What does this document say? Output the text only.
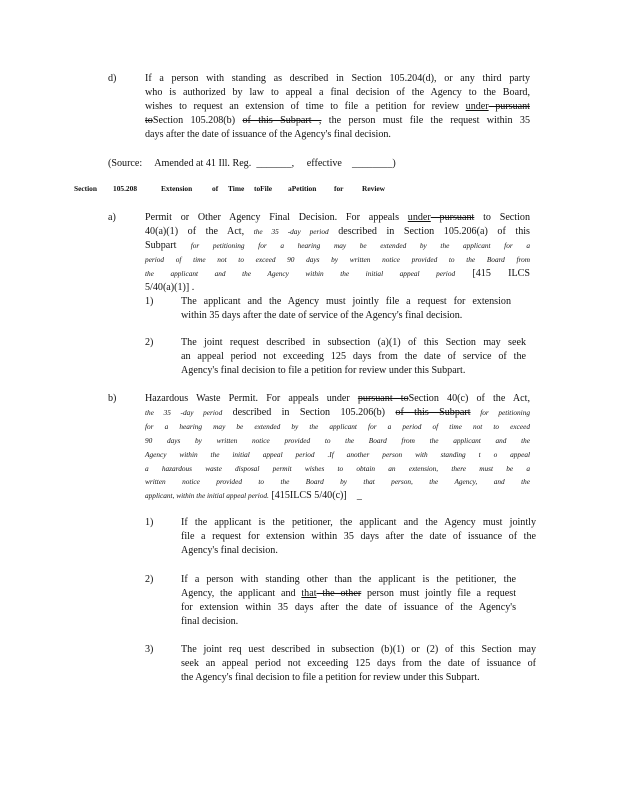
d)	If a person with standing as described in Section 105.204(d), or any third party
who is authorized by law to appeal a final decision of the Agency to the Board,
wishes to request an extension of time to file a petition for review under pursuant
toSection 105.208(b) of this Subpart , the person must file the request within 35
days after the date of issuance of the Agency's final decision.
(Source: Amended at 41 Ill. Reg. _______, effective ________)
Section 105.208	Extension	of Time toFile aPetition for	Review
a)	Permit or Other Agency Final Decision. For appeals under pursuant to Section
40(a)(1) of the Act, the 35 -day period described in Section 105.206(a) of this
Subpart for petitioning for a hearing may be extended by the applicant for a
period of time not to exceed 90 days by written notice provided to the Board from
the applicant and the Agency within the initial appeal period [415 ILCS
5/40(a)(1)] .
1)	The applicant and the Agency must jointly file a request for extension
within 35 days after the date of service of the Agency's final decision.
2)	The joint request described in subsection (a)(1) of this Section may seek
an appeal period not exceeding 125 days from the date of service of the
Agency's final decision to file a petition for review under this Subpart.
b)	Hazardous Waste Permit. For appeals under pursuant toSection 40(c) of the Act,
the 35 -day period described in Section 105.206(b) of this Subpart for petitioning
for a hearing may be extended by the applicant for a period of time not to exceed
90 days by written notice provided to the Board from the applicant and the
Agency within the initial appeal period .If another person with standing t o appeal
a hazardous waste disposal permit wishes to obtain an extension, there must be a
written notice provided to the Board by that person, the Agency, and the
applicant, within the initial appeal period. [415ILCS 5/40(c)] _
1)	If the applicant is the petitioner, the applicant and the Agency must jointly
file a request for extension within 35 days after the date of issuance of the
Agency's final decision.
2)	If a person with standing other than the applicant is the petitioner, the
Agency, the applicant and that the other person must jointly file a request
for extension within 35 days after the date of issuance of the Agency's
final decision.
3)	The joint req uest described in subsection (b)(1) or (2) of this Section may
seek an appeal period not exceeding 125 days from the date of issuance of
the Agency's final decision to file a petition for review under this Subpart.
